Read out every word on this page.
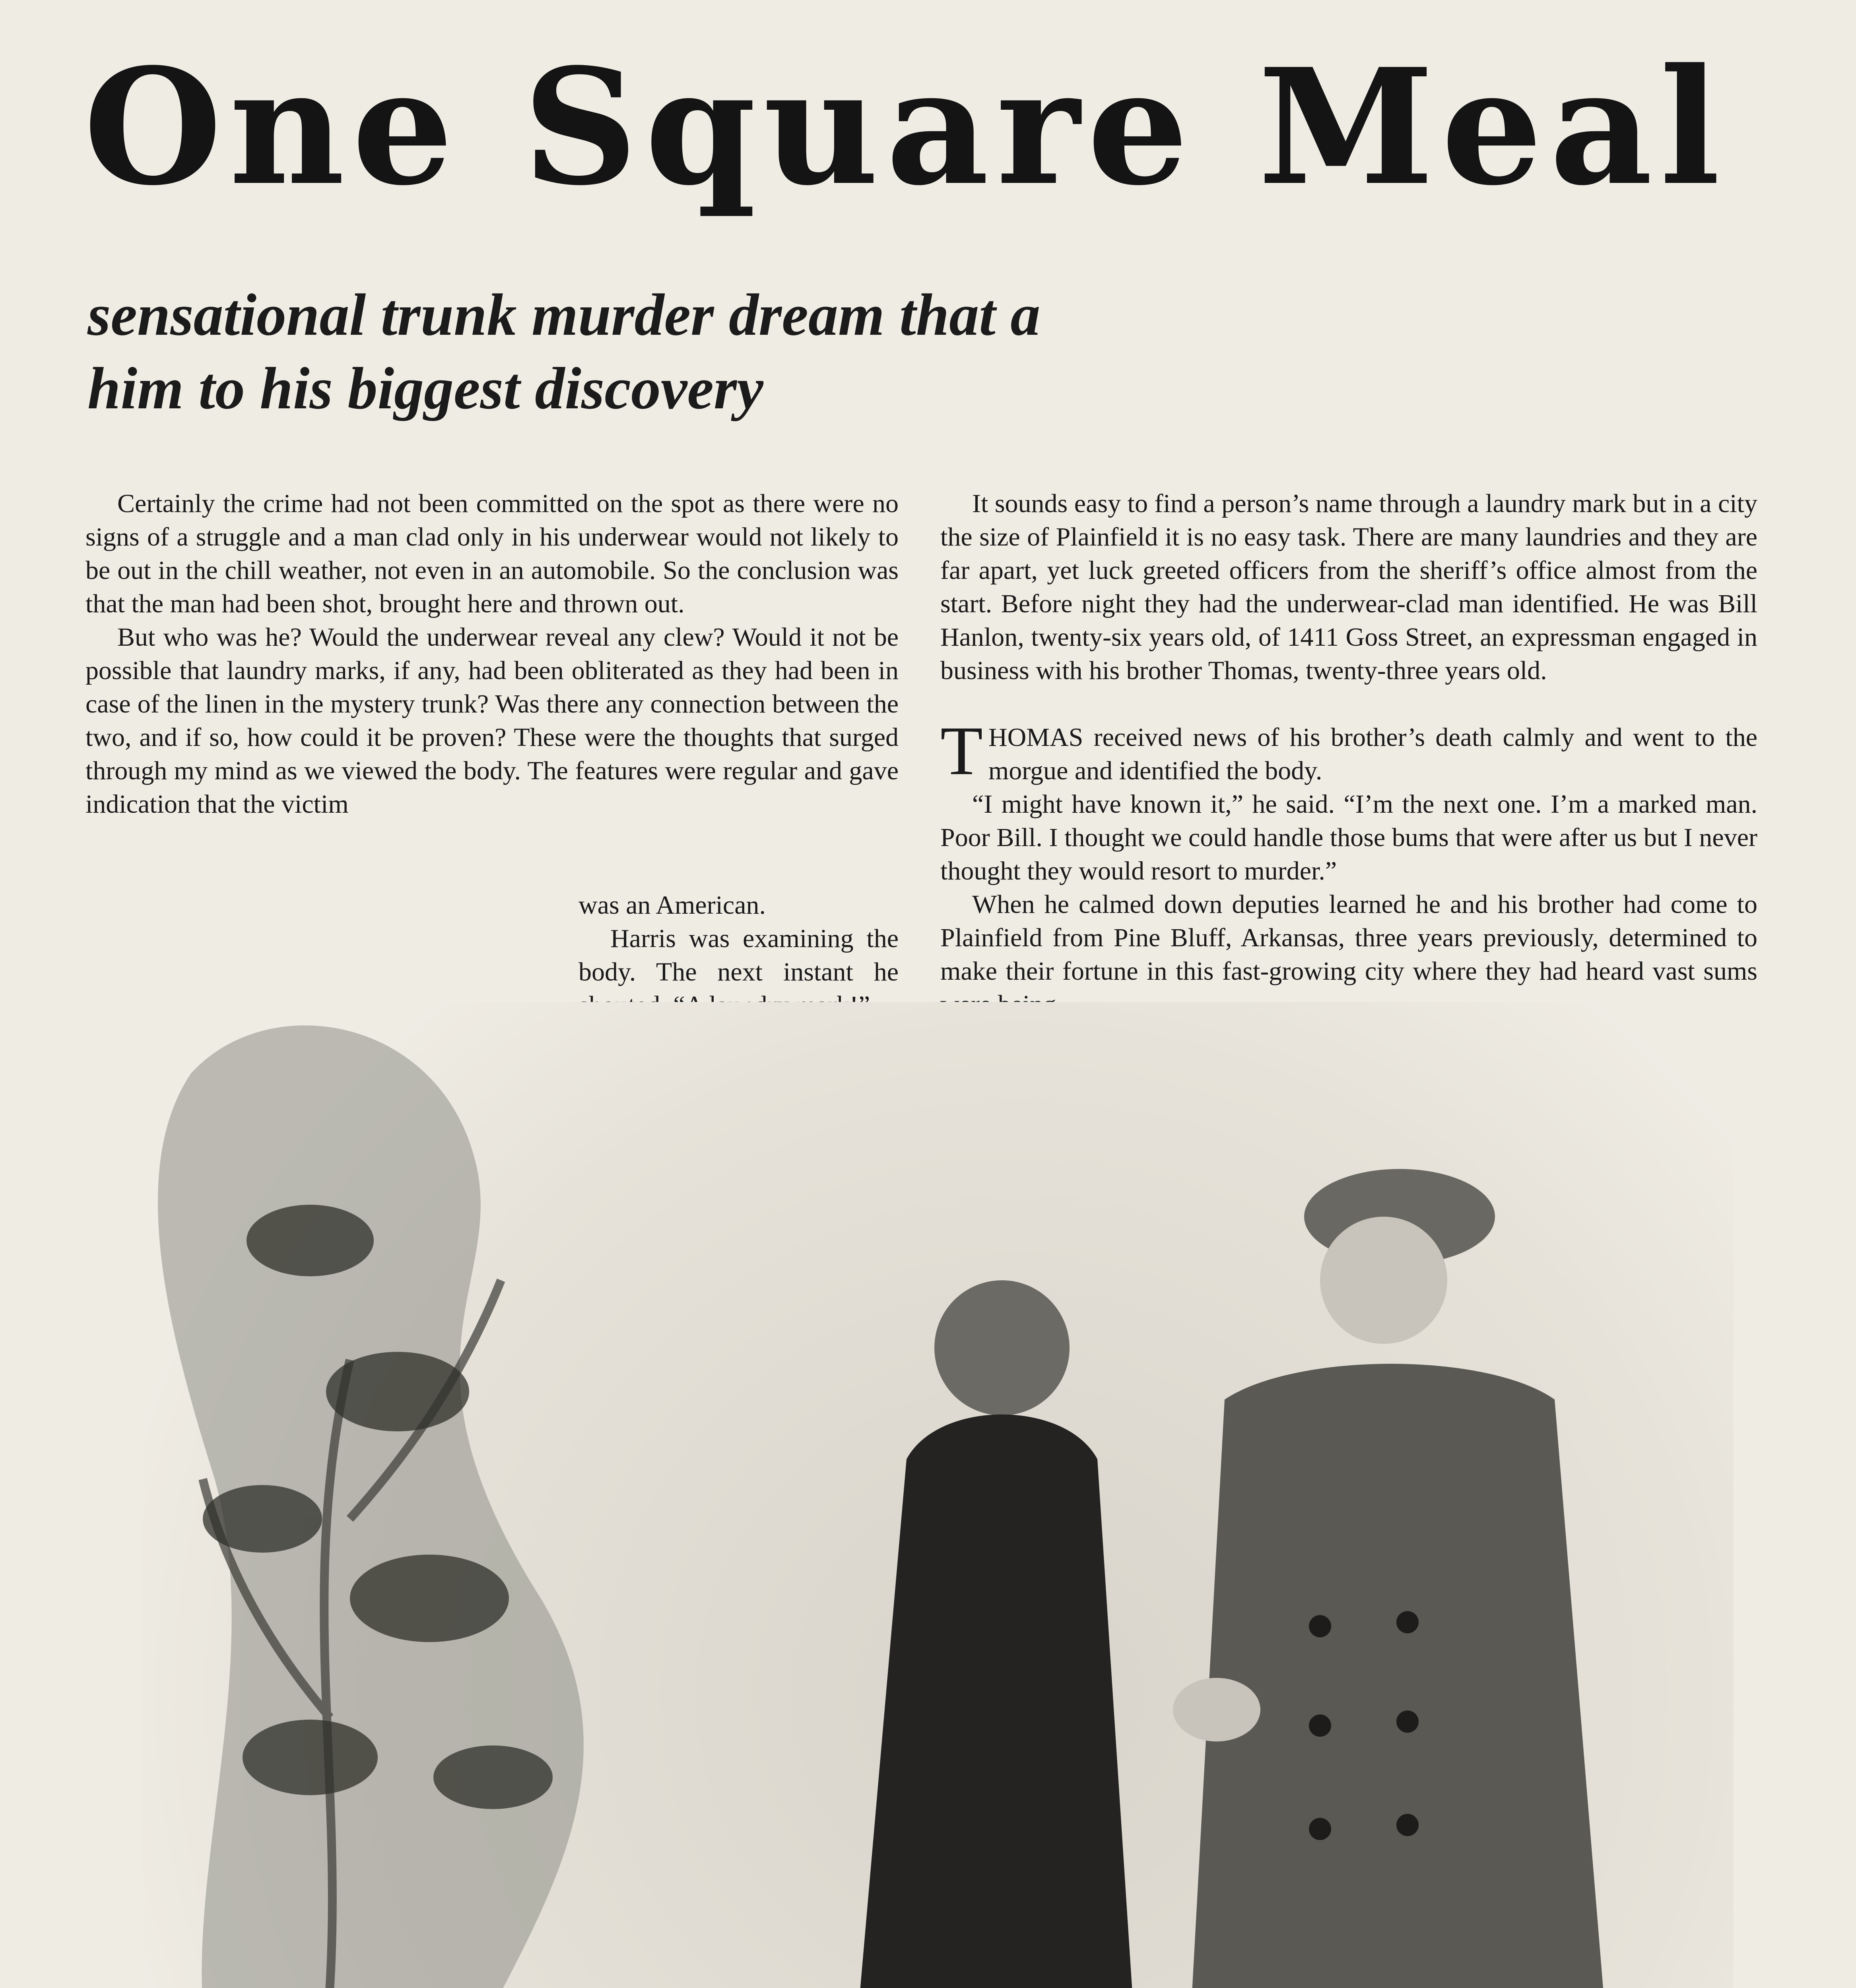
One Square Meal
sensational trunk murder dream that a
him to his biggest discovery

Certainly the crime had not been committed on the spot as there were no signs of a struggle and a man clad only in his underwear would not likely to be out in the chill weather, not even in an automobile. So the conclusion was that the man had been shot, brought here and thrown out.

But who was he? Would the underwear reveal any clew? Would it not be possible that laundry marks, if any, had been obliterated as they had been in case of the linen in the mystery trunk? Was there any connection between the two, and if so, how could it be proven? These were the thoughts that surged through my mind as we viewed the body. The features were regular and gave indication that the victim

was an American.

Harris was examining the body. The next instant he

It sounds easy to find a person’s name through a laundry mark but in a city the size of Plainfield it is no easy task. There are many laundries and they are far apart, yet luck greeted officers from the sheriff’s office almost from the start. Before night they had the underwear-clad man identified. He was Bill Hanlon, twenty-six years old, of 1411 Goss Street, an expressman engaged in business with his brother Thomas, twenty-three years old.

THOMAS received news of his brother’s death calmly and went to the morgue and identified the body.

“I might have known it,” he said. “I’m the next one. I’m a marked man. Poor Bill. I thought we could handle those bums that were after us but I never thought they would resort to murder.”

When he calmed down deputies learned he and his brother had come to Plainfield from Pine Bluff, Arkansas, three years previously, determined to make their fortune in this fast-growing city where they had heard vast sums
